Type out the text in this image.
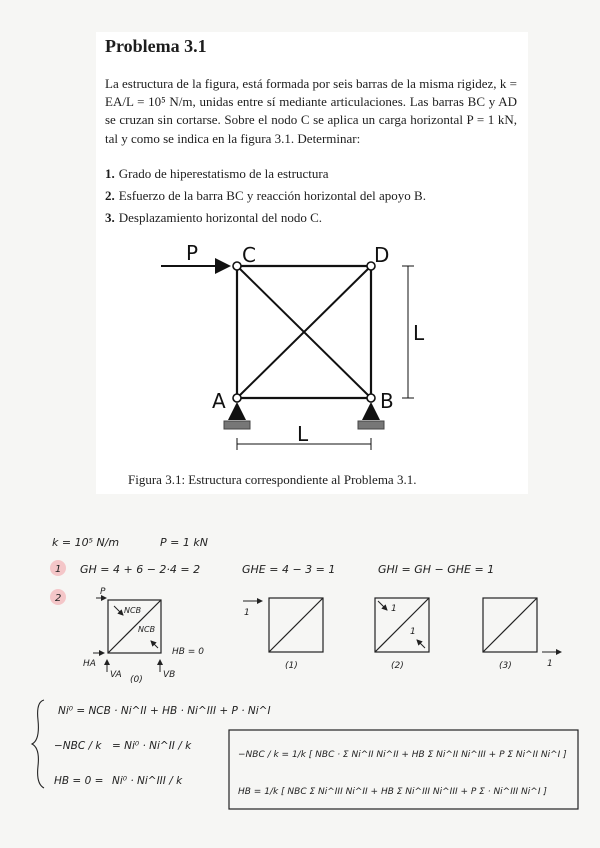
Problema 3.1

La estructura de la figura, está formada por seis barras de la misma rigidez, k = EA/L = 10⁵ N/m, unidas entre sí mediante articulaciones. Las barras BC y AD se cruzan sin cortarse. Sobre el nodo C se aplica un carga horizontal P = 1 kN, tal y como se indica en la figura 3.1. Determinar:

1. Grado de hiperestatismo de la estructura
2. Esfuerzo de la barra BC y reacción horizontal del apoyo B.
3. Desplazamiento horizontal del nodo C.
P C	D
A	B
L
L
k = 10⁵ N/m	P = 1 kN
1 GH = 4 + 6 − 2·4 = 2	GHE = 4 − 3 = 1	GHI = GH − GHE = 1
2
P
NCB
NCB
HB = 0
HA
VA	VB
(0)
1
(1)
1
1
(2)	1
(3)
Ni⁰ = NCB · Ni^II + HB · Ni^III + P · Ni^I
−NBC / k = Ni⁰ · Ni^II / k
HB = 0 = Ni⁰ · Ni^III / k
−NBC / k = 1/k [ NBC · Σ Ni^II Ni^II + HB Σ Ni^II Ni^III + P Σ Ni^II Ni^I ]
HB = 1/k [ NBC Σ Ni^III Ni^II + HB Σ Ni^III Ni^III + P Σ · Ni^III Ni^I ]
Figura 3.1: Estructura correspondiente al Problema 3.1.
